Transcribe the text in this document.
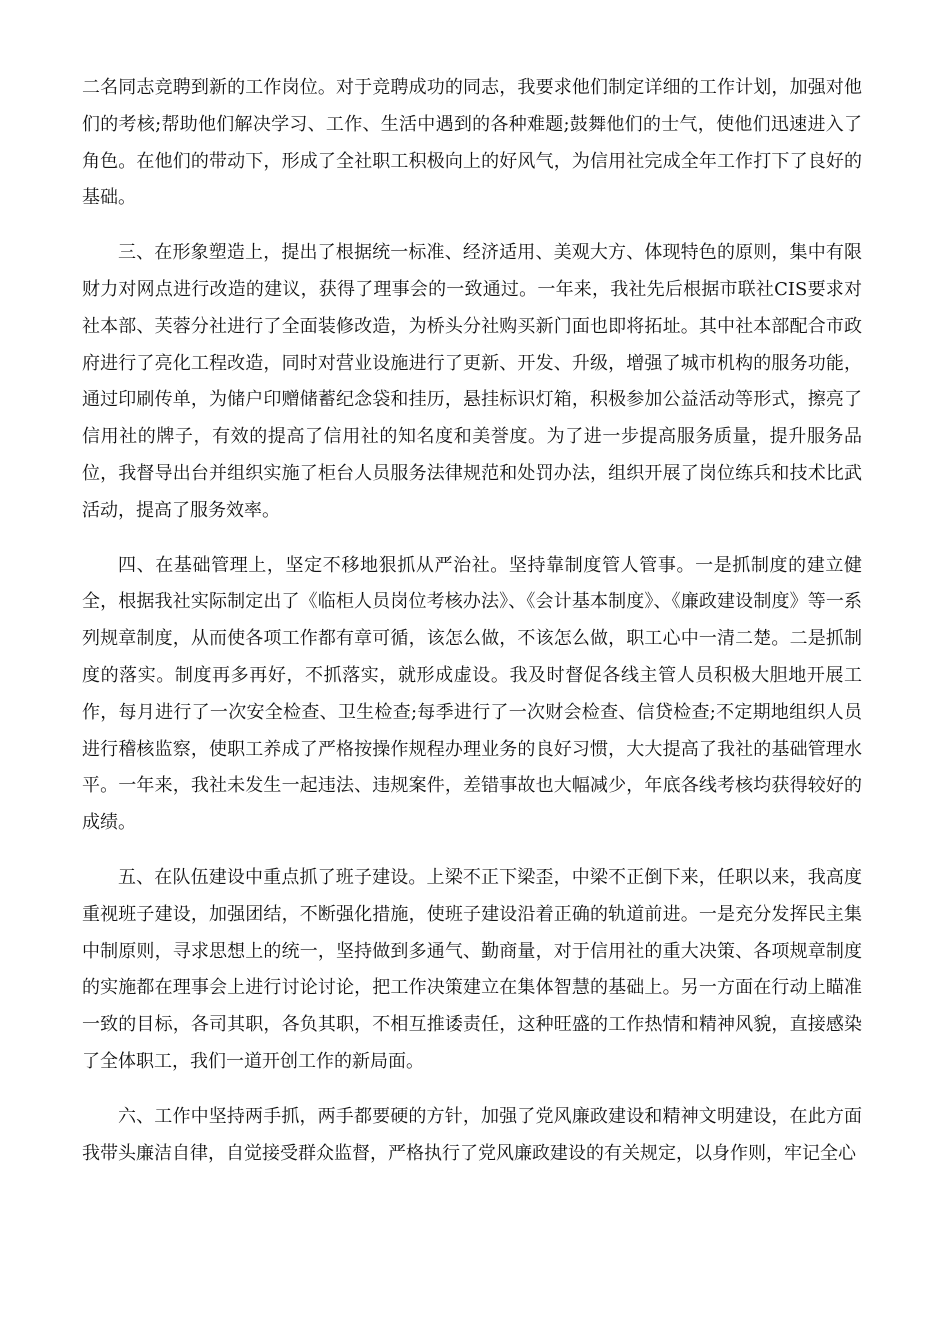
二名同志竞聘到新的工作岗位。对于竞聘成功的同志，我要求他们制定详细的工作计划，加强对他们的考核;帮助他们解决学习、工作、生活中遇到的各种难题;鼓舞他们的士气，使他们迅速进入了角色。在他们的带动下，形成了全社职工积极向上的好风气，为信用社完成全年工作打下了良好的基础。

三、在形象塑造上，提出了根据统一标准、经济适用、美观大方、体现特色的原则，集中有限财力对网点进行改造的建议，获得了理事会的一致通过。一年来，我社先后根据市联社CIS要求对社本部、芙蓉分社进行了全面装修改造，为桥头分社购买新门面也即将拓址。其中社本部配合市政府进行了亮化工程改造，同时对营业设施进行了更新、开发、升级，增强了城市机构的服务功能，通过印刷传单，为储户印赠储蓄纪念袋和挂历，悬挂标识灯箱，积极参加公益活动等形式，擦亮了信用社的牌子，有效的提高了信用社的知名度和美誉度。为了进一步提高服务质量，提升服务品位，我督导出台并组织实施了柜台人员服务法律规范和处罚办法，组织开展了岗位练兵和技术比武活动，提高了服务效率。

四、在基础管理上，坚定不移地狠抓从严治社。坚持靠制度管人管事。一是抓制度的建立健全，根据我社实际制定出了《临柜人员岗位考核办法》、《会计基本制度》、《廉政建设制度》等一系列规章制度，从而使各项工作都有章可循，该怎么做，不该怎么做，职工心中一清二楚。二是抓制度的落实。制度再多再好，不抓落实，就形成虚设。我及时督促各线主管人员积极大胆地开展工作，每月进行了一次安全检查、卫生检查;每季进行了一次财会检查、信贷检查;不定期地组织人员进行稽核监察，使职工养成了严格按操作规程办理业务的良好习惯，大大提高了我社的基础管理水平。一年来，我社未发生一起违法、违规案件，差错事故也大幅减少，年底各线考核均获得较好的成绩。

五、在队伍建设中重点抓了班子建设。上梁不正下梁歪，中梁不正倒下来，任职以来，我高度重视班子建设，加强团结，不断强化措施，使班子建设沿着正确的轨道前进。一是充分发挥民主集中制原则，寻求思想上的统一，坚持做到多通气、勤商量，对于信用社的重大决策、各项规章制度的实施都在理事会上进行讨论讨论，把工作决策建立在集体智慧的基础上。另一方面在行动上瞄准一致的目标，各司其职，各负其职，不相互推诿责任，这种旺盛的工作热情和精神风貌，直接感染了全体职工，我们一道开创工作的新局面。

六、工作中坚持两手抓，两手都要硬的方针，加强了党风廉政建设和精神文明建设，在此方面我带头廉洁自律，自觉接受群众监督，严格执行了党风廉政建设的有关规定，以身作则，牢记全心
